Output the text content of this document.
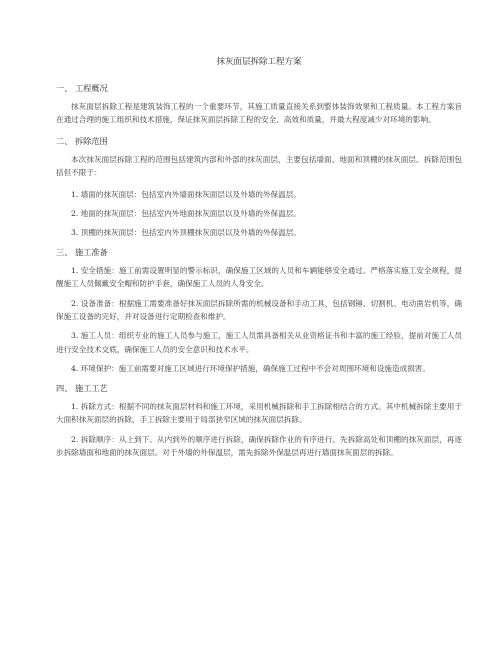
抹灰面层拆除工程方案
一、 工程概况
抹灰面层拆除工程是建筑装饰工程的一个重要环节，其施工质量直接关系到整体装饰效果和工程质量。本工程方案旨在通过合理的施工组织和技术措施，保证抹灰面层拆除工程的安全、高效和质量，并最大程度减少对环境的影响。
二、 拆除范围
本次抹灰面层拆除工程的范围包括建筑内部和外部的抹灰面层，主要包括墙面、地面和顶棚的抹灰面层。拆除范围包括但不限于：
1. 墙面的抹灰面层：包括室内外墙面抹灰面层以及外墙的外保温层。
2. 地面的抹灰面层：包括室内外地面抹灰面层以及外墙的外保温层。
3. 顶棚的抹灰面层：包括室内外顶棚抹灰面层以及外墙的外保温层。
三、 施工准备
1. 安全措施：施工前需设置明显的警示标识，确保施工区域的人员和车辆能够安全通过。严格落实施工安全规程，提醒施工人员佩戴安全帽和防护手套，确保施工人员的人身安全。
2. 设备准备：根据施工需要准备好抹灰面层拆除所需的机械设备和手动工具，包括钢锤、切割机、电动凿岩机等，确保施工设备的完好，并对设备进行定期检查和维护。
3. 施工人员：组织专业的施工人员参与施工，施工人员需具备相关从业资格证书和丰富的施工经验，提前对施工人员进行安全技术交底，确保施工人员的安全意识和技术水平。
4. 环境保护：施工前需要对施工区域进行环境保护措施，确保施工过程中不会对周围环境和设施造成损害。
四、 施工工艺
1. 拆除方式：根据不同的抹灰面层材料和施工环境，采用机械拆除和手工拆除相结合的方式。其中机械拆除主要用于大面积抹灰面层的拆除，手工拆除主要用于局部狭窄区域的抹灰面层拆除。
2. 拆除顺序：从上到下、从内到外的顺序进行拆除，确保拆除作业的有序进行。先拆除高处和顶棚的抹灰面层，再逐步拆除墙面和地面的抹灰面层。对于外墙的外保温层，需先拆除外保温层再进行墙面抹灰面层的拆除。
